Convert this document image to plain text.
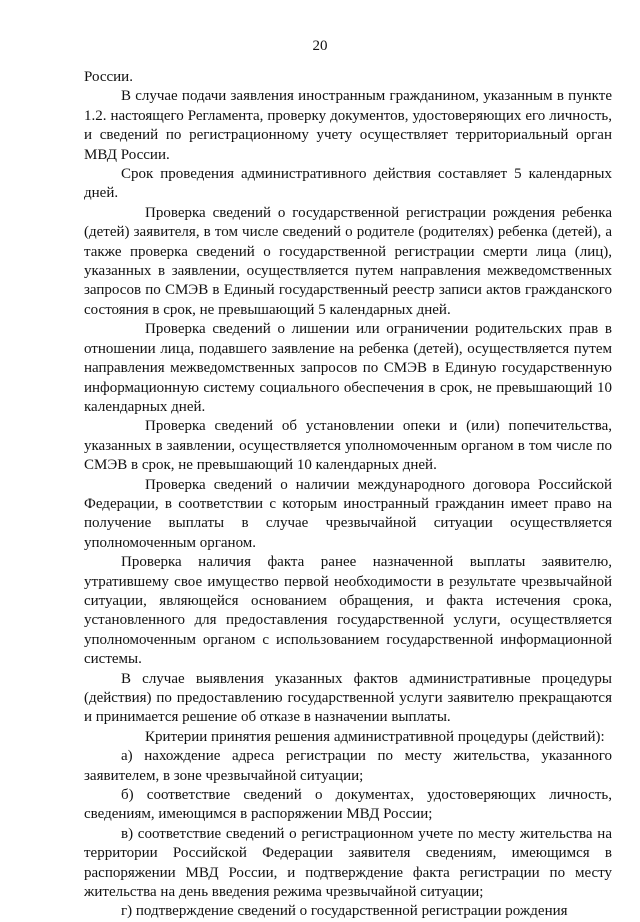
20

России.

В случае подачи заявления иностранным гражданином, указанным в пункте 1.2. настоящего Регламента, проверку документов, удостоверяющих его личность, и сведений по регистрационному учету осуществляет территориальный орган МВД России.

Срок проведения административного действия составляет 5 календарных дней.

Проверка сведений о государственной регистрации рождения ребенка (детей) заявителя, в том числе сведений о родителе (родителях) ребенка (детей), а также проверка сведений о государственной регистрации смерти лица (лиц), указанных в заявлении, осуществляется путем направления межведомственных запросов по СМЭВ в Единый государственный реестр записи актов гражданского состояния в срок, не превышающий 5 календарных дней.

Проверка сведений о лишении или ограничении родительских прав в отношении лица, подавшего заявление на ребенка (детей), осуществляется путем направления межведомственных запросов по СМЭВ в Единую государственную информационную систему социального обеспечения в срок, не превышающий 10 календарных дней.

Проверка сведений об установлении опеки и (или) попечительства, указанных в заявлении, осуществляется уполномоченным органом в том числе по СМЭВ в срок, не превышающий 10 календарных дней.

Проверка сведений о наличии международного договора Российской Федерации, в соответствии с которым иностранный гражданин имеет право на получение выплаты в случае чрезвычайной ситуации осуществляется уполномоченным органом.

Проверка наличия факта ранее назначенной выплаты заявителю, утратившему свое имущество первой необходимости в результате чрезвычайной ситуации, являющейся основанием обращения, и факта истечения срока, установленного для предоставления государственной услуги, осуществляется уполномоченным органом с использованием государственной информационной системы.

В случае выявления указанных фактов административные процедуры (действия) по предоставлению государственной услуги заявителю прекращаются и принимается решение об отказе в назначении выплаты.

Критерии принятия решения административной процедуры (действий):

а) нахождение адреса регистрации по месту жительства, указанного заявителем, в зоне чрезвычайной ситуации;

б) соответствие сведений о документах, удостоверяющих личность, сведениям, имеющимся в распоряжении МВД России;

в) соответствие сведений о регистрационном учете по месту жительства на территории Российской Федерации заявителя сведениям, имеющимся в распоряжении МВД России, и подтверждение факта регистрации по месту жительства на день введения режима чрезвычайной ситуации;

г) подтверждение сведений о государственной регистрации рождения
